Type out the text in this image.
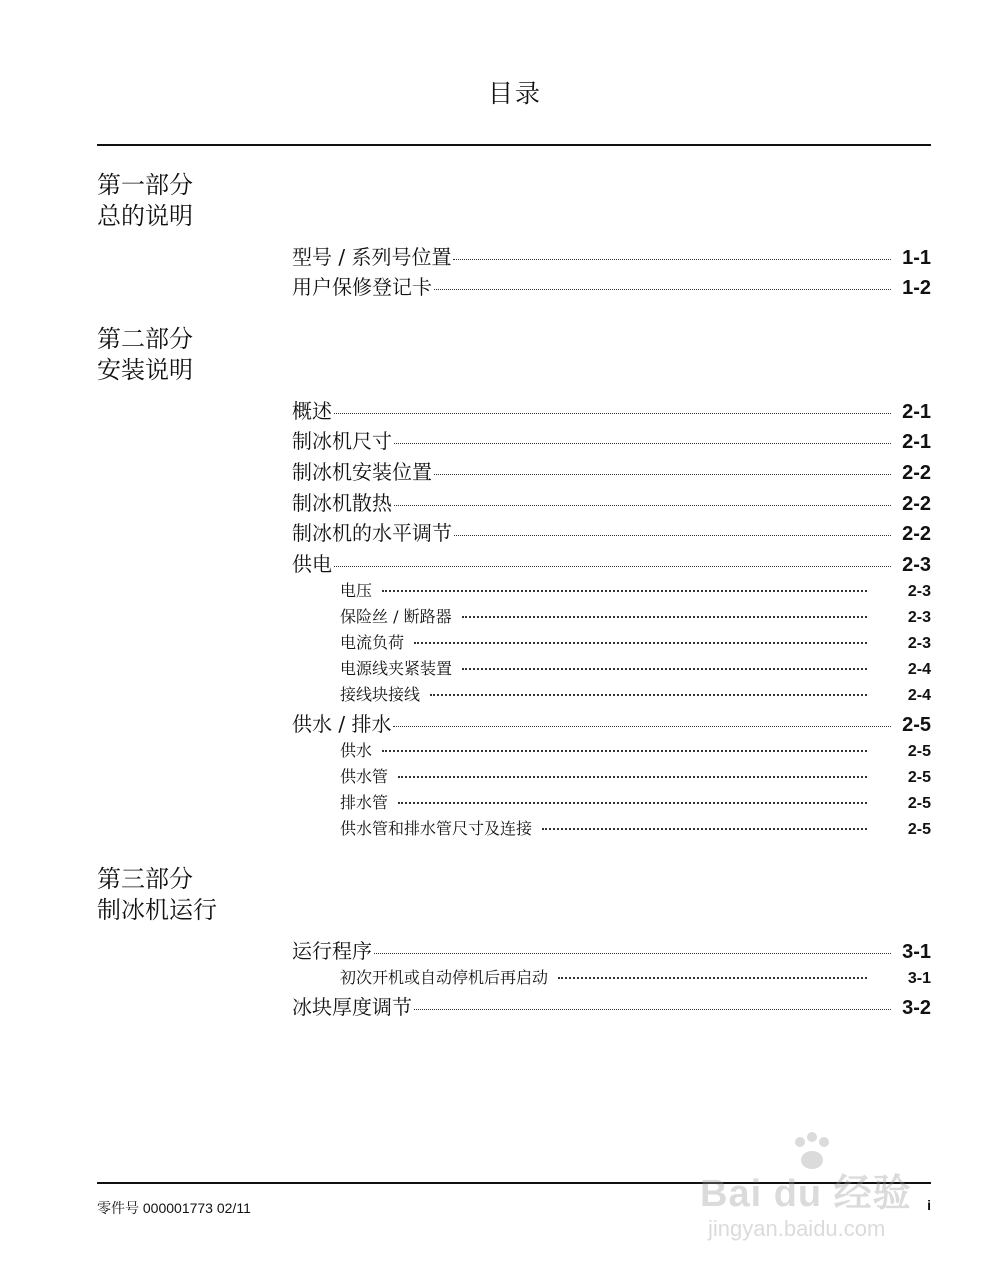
目录
第一部分
总的说明
型号 / 系列号位置	1-1
用户保修登记卡	1-2
第二部分
安装说明
概述	2-1
制冰机尺寸	2-1
制冰机安装位置	2-2
制冰机散热	2-2
制冰机的水平调节	2-2
供电	2-3
电压	2-3
保险丝 / 断路器	2-3
电流负荷	2-3
电源线夹紧装置	2-4
接线块接线	2-4
供水 / 排水	2-5
供水	2-5
供水管	2-5
排水管	2-5
供水管和排水管尺寸及连接	2-5
第三部分
制冰机运行
运行程序	3-1
初次开机或自动停机后再启动	3-1
冰块厚度调节	3-2
零件号 000001773 02/11	i
Bai du 经验
jingyan.baidu.com
